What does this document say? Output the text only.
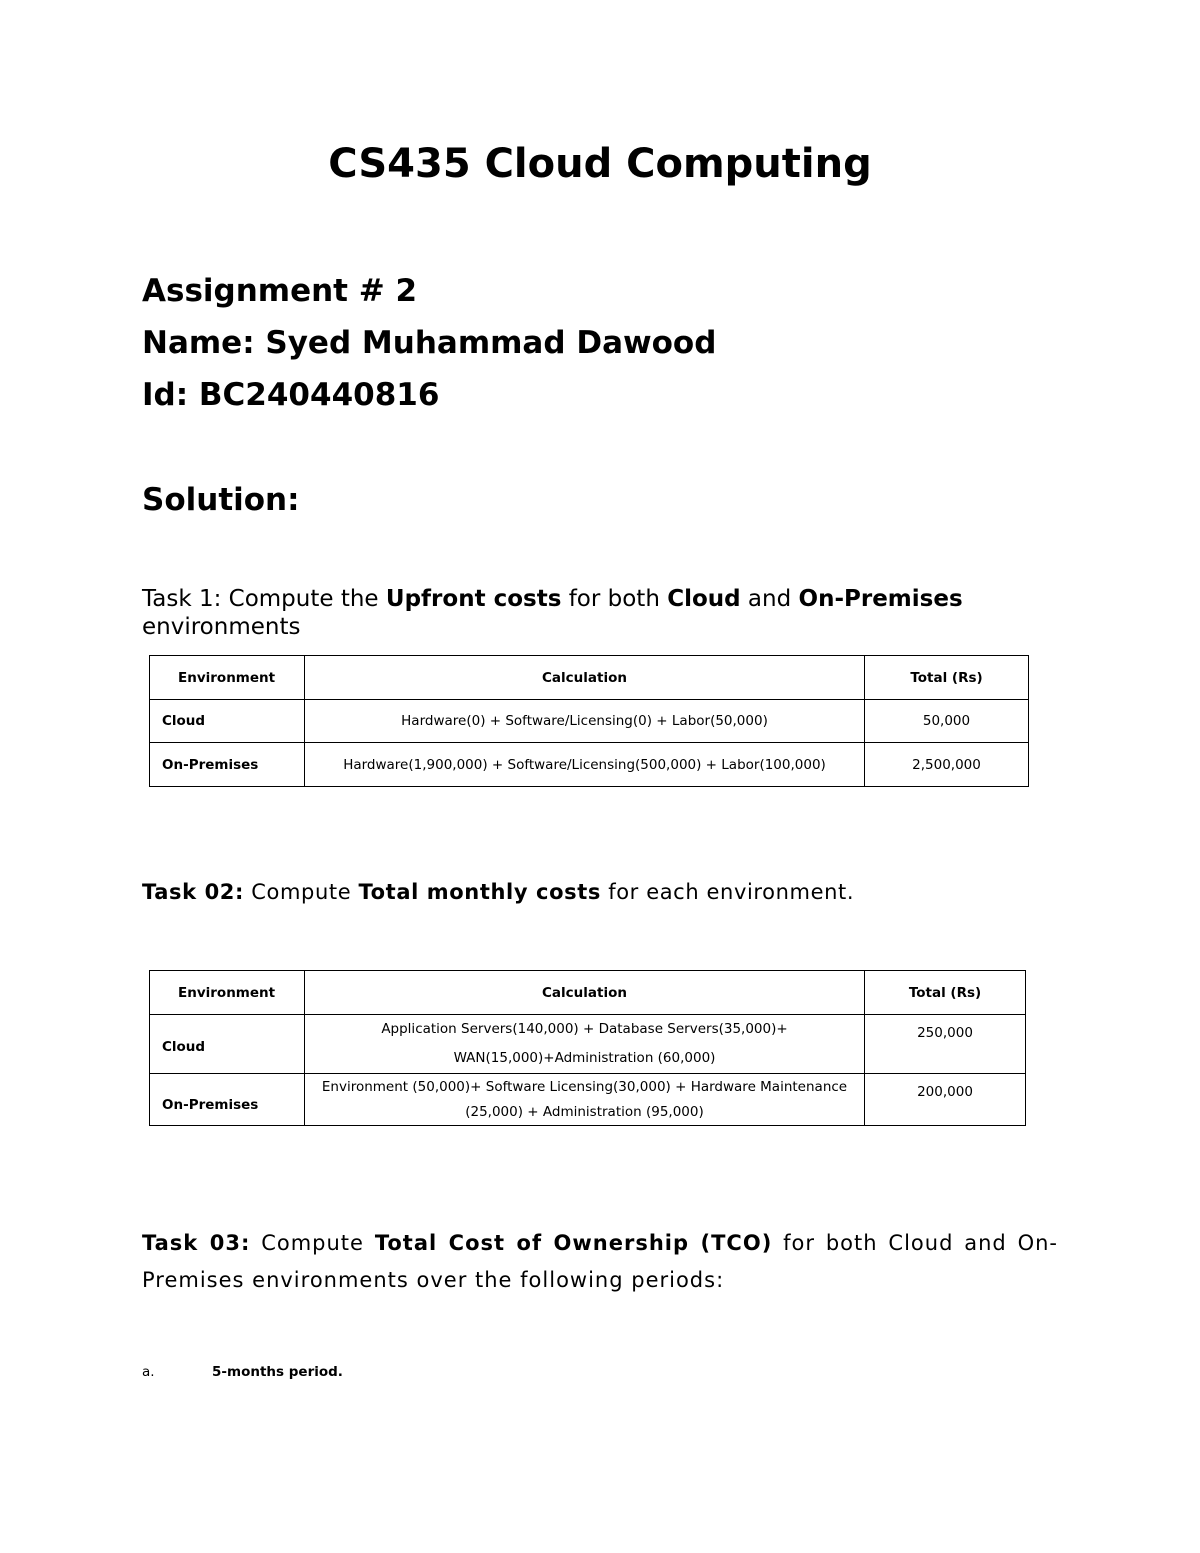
CS435 Cloud Computing
Assignment # 2
Name: Syed Muhammad Dawood
Id: BC240440816
Solution:
Task 1: Compute the Upfront costs for both Cloud and On-Premises
environments
Environment	Calculation	Total (Rs)
Cloud	Hardware(0) + Software/Licensing(0) + Labor(50,000)	50,000
On-Premises	Hardware(1,900,000) + Software/Licensing(500,000) + Labor(100,000)	2,500,000
Task 02: Compute Total monthly costs for each environment.
Environment	Calculation	Total (Rs)
Cloud	Application Servers(140,000) + Database Servers(35,000)+
WAN(15,000)+Administration (60,000)	250,000
On-Premises	Environment (50,000)+ Software Licensing(30,000) + Hardware Maintenance
(25,000) + Administration (95,000)	200,000
Task 03: Compute Total Cost of Ownership (TCO) for both Cloud and On-Premises environments over the following periods:
a.	5-months period.
